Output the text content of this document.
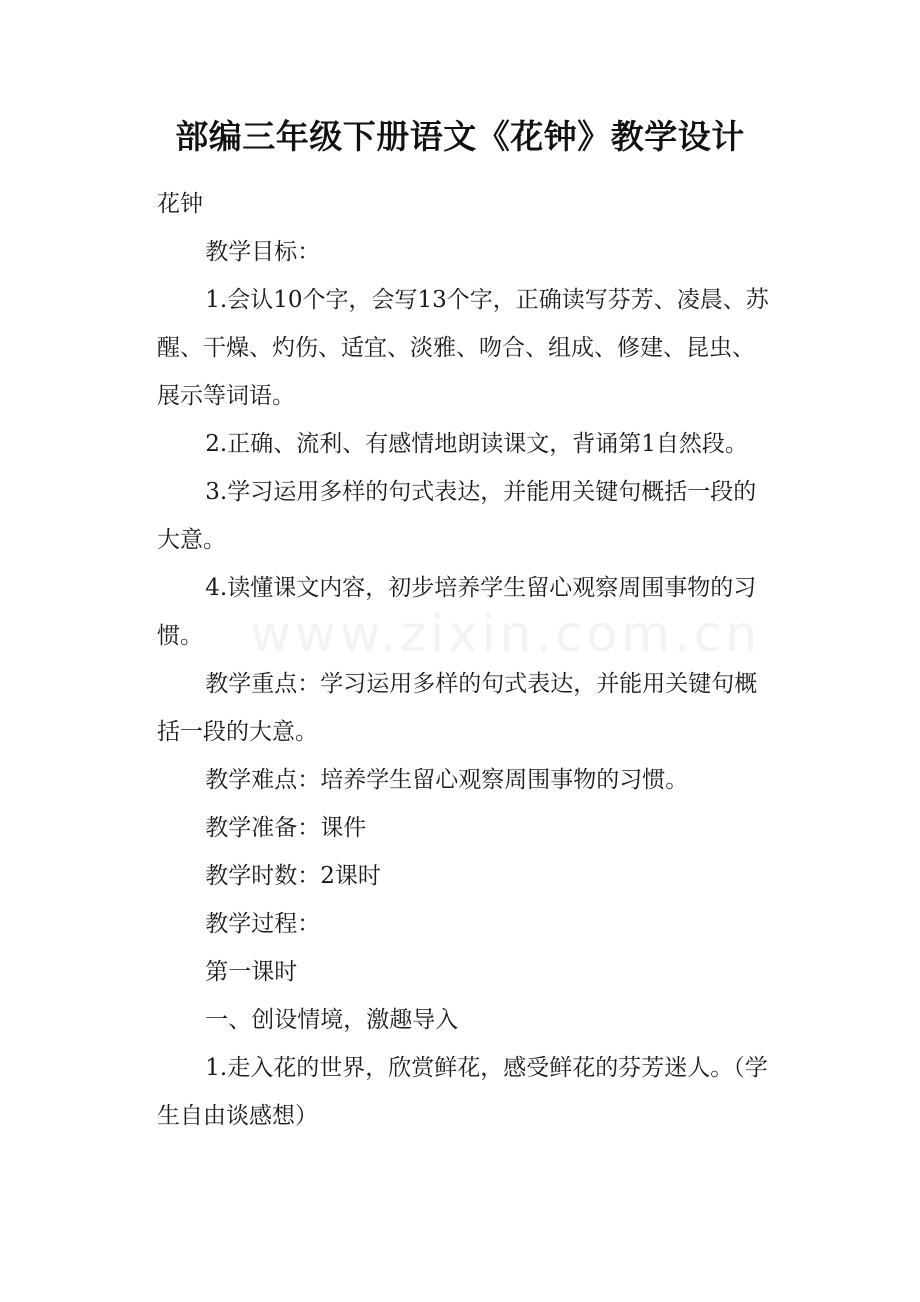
www.zixin.com.cn
部编三年级下册语文《花钟》教学设计

花钟

教学目标：

1.会认10个字，会写13个字，正确读写芬芳、凌晨、苏醒、干燥、灼伤、适宜、淡雅、吻合、组成、修建、昆虫、展示等词语。

2.正确、流利、有感情地朗读课文，背诵第1自然段。

3.学习运用多样的句式表达，并能用关键句概括一段的大意。

4.读懂课文内容，初步培养学生留心观察周围事物的习惯。

教学重点：学习运用多样的句式表达，并能用关键句概括一段的大意。

教学难点：培养学生留心观察周围事物的习惯。

教学准备：课件

教学时数：2课时

教学过程：

第一课时

一、创设情境，激趣导入

1.走入花的世界，欣赏鲜花，感受鲜花的芬芳迷人。（学生自由谈感想）
